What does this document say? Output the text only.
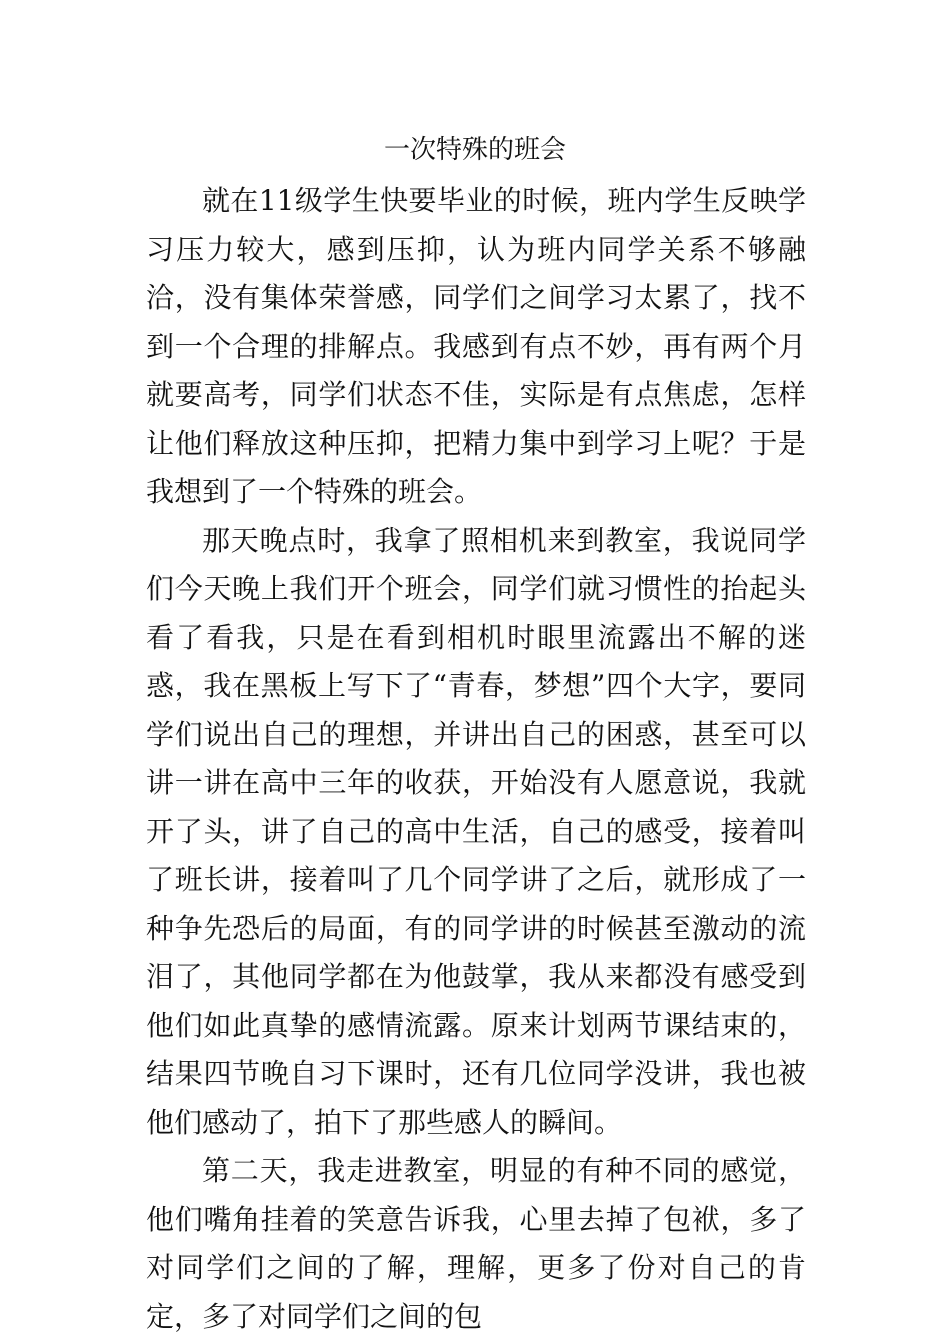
一次特殊的班会

就在11级学生快要毕业的时候，班内学生反映学习压力较大，感到压抑，认为班内同学关系不够融洽，没有集体荣誉感，同学们之间学习太累了，找不到一个合理的排解点。我感到有点不妙，再有两个月就要高考，同学们状态不佳，实际是有点焦虑，怎样让他们释放这种压抑，把精力集中到学习上呢？于是我想到了一个特殊的班会。

那天晚点时，我拿了照相机来到教室，我说同学们今天晚上我们开个班会，同学们就习惯性的抬起头看了看我，只是在看到相机时眼里流露出不解的迷惑，我在黑板上写下了“青春，梦想”四个大字，要同学们说出自己的理想，并讲出自己的困惑，甚至可以讲一讲在高中三年的收获，开始没有人愿意说，我就开了头，讲了自己的高中生活，自己的感受，接着叫了班长讲，接着叫了几个同学讲了之后，就形成了一种争先恐后的局面，有的同学讲的时候甚至激动的流泪了，其他同学都在为他鼓掌，我从来都没有感受到他们如此真挚的感情流露。原来计划两节课结束的，结果四节晚自习下课时，还有几位同学没讲，我也被他们感动了，拍下了那些感人的瞬间。

第二天，我走进教室，明显的有种不同的感觉，他们嘴角挂着的笑意告诉我，心里去掉了包袱，多了对同学们之间的了解，理解，更多了份对自己的肯定，多了对同学们之间的包
